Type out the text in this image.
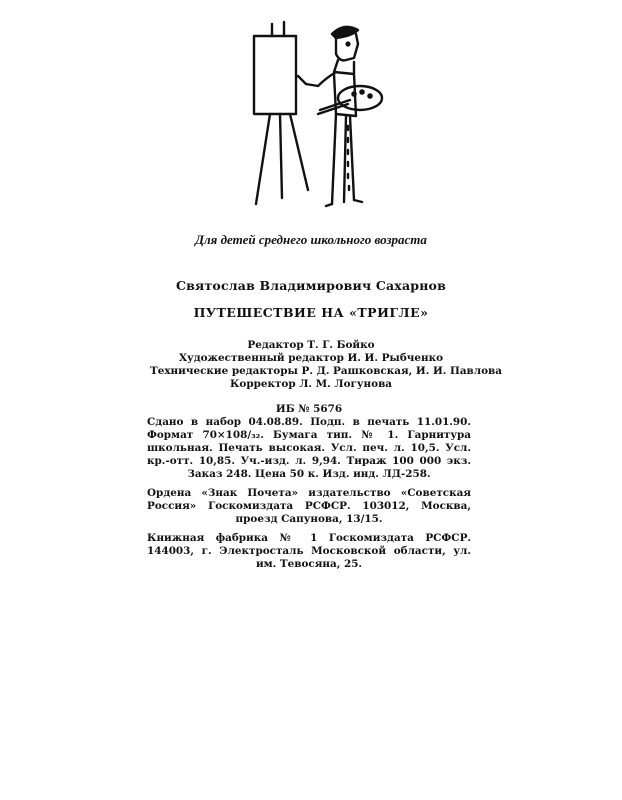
Для детей среднего школьного возраста
Святослав Владимирович Сахарнов
ПУТЕШЕСТВИЕ НА «ТРИГЛЕ»
Редактор Т. Г. Бойко
Художественный редактор И. И. Рыбченко
Технические редакторы Р. Д. Рашковская, И. И. Павлова
Корректор Л. М. Логунова
ИБ № 5676
Сдано в набор 04.08.89. Подп. в печать 11.01.90. Формат 70×108/₃₂. Бумага тип. № 1. Гарнитура школьная. Печать высокая. Усл. печ. л. 10,5. Усл. кр.-отт. 10,85. Уч.-изд. л. 9,94. Тираж 100 000 экз. Заказ 248. Цена 50 к. Изд. инд. ЛД-258.
Ордена «Знак Почета» издательство «Советская Россия» Госкомиздата РСФСР. 103012, Москва, проезд Сапунова, 13/15.
Книжная фабрика № 1 Госкомиздата РСФСР. 144003, г. Электросталь Московской области, ул. им. Тевосяна, 25.
